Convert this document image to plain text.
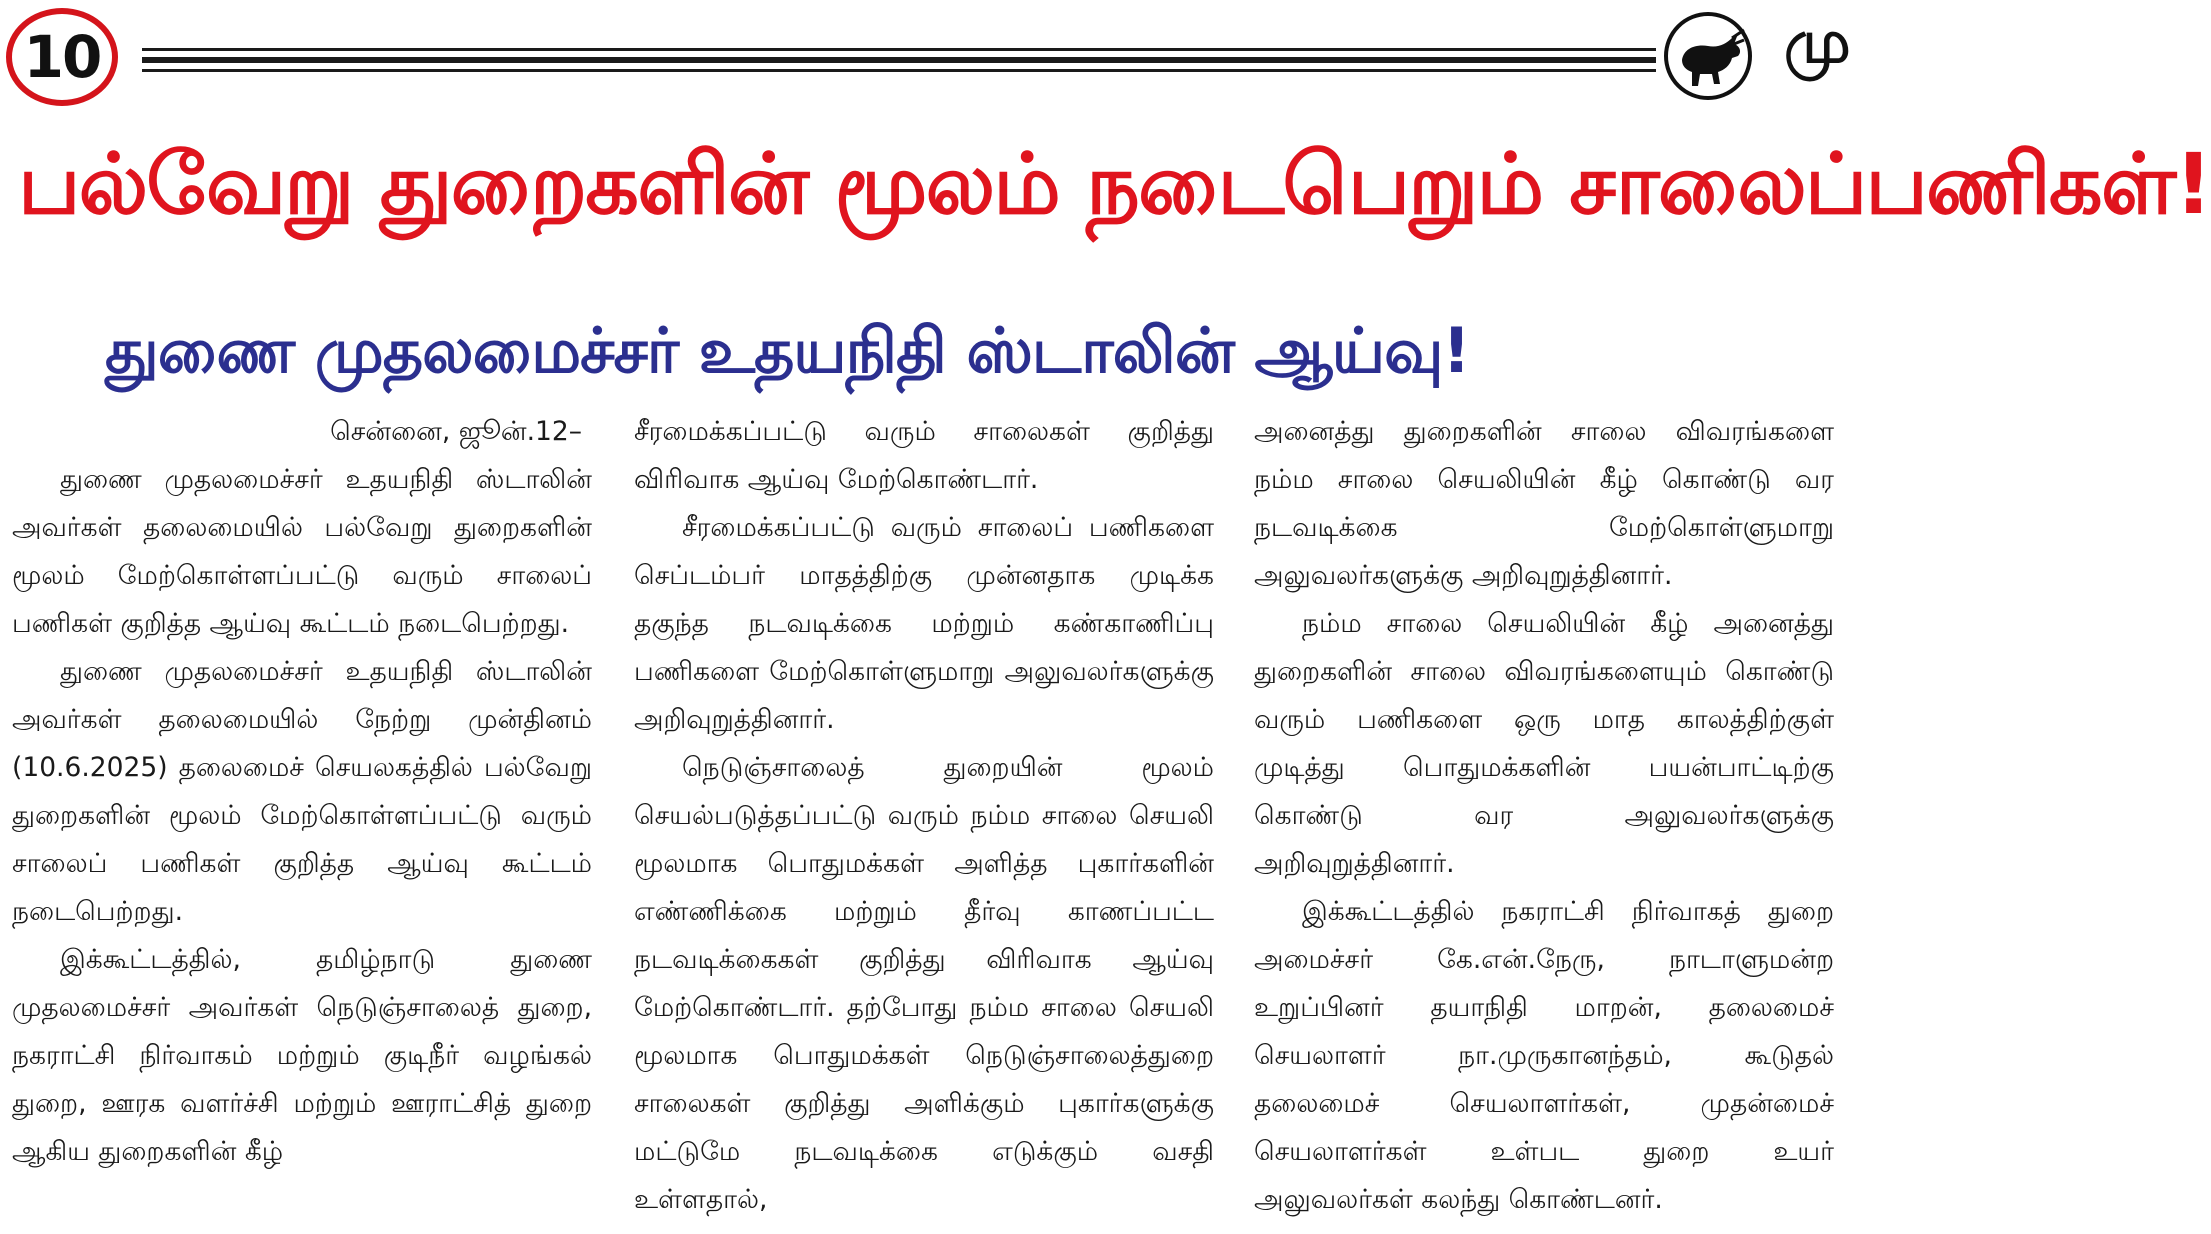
10	மு
பல்வேறு துறைகளின் மூலம் நடைபெறும் சாலைப்பணிகள்!
துணை முதலமைச்சர் உதயநிதி ஸ்டாலின் ஆய்வு!
சென்னை, ஜூன்.12–

துணை முதலமைச்சர் உதயநிதி ஸ்டாலின் அவர்கள் தலைமையில் பல்வேறு துறைகளின் மூலம் மேற்கொள்ளப்பட்டு வரும் சாலைப் பணிகள் குறித்த ஆய்வு கூட்டம் நடைபெற்றது.

துணை முதலமைச்சர் உதயநிதி ஸ்டாலின் அவர்கள் தலைமையில் நேற்று முன்தினம் (10.6.2025) தலைமைச் செயலகத்தில் பல்வேறு துறைகளின் மூலம் மேற்கொள்ளப்பட்டு வரும் சாலைப் பணிகள் குறித்த ஆய்வு கூட்டம் நடைபெற்றது.

இக்கூட்டத்தில், தமிழ்நாடு துணை முதலமைச்சர் அவர்கள் நெடுஞ்சாலைத் துறை, நகராட்சி நிர்வாகம் மற்றும் குடிநீர் வழங்கல் துறை, ஊரக வளர்ச்சி மற்றும் ஊராட்சித் துறை ஆகிய துறைகளின் கீழ்

சீரமைக்கப்பட்டு வரும் சாலைகள் குறித்து விரிவாக ஆய்வு மேற்கொண்டார்.

சீரமைக்கப்பட்டு வரும் சாலைப் பணிகளை செப்டம்பர் மாதத்திற்கு முன்னதாக முடிக்க தகுந்த நடவடிக்கை மற்றும் கண்காணிப்பு பணிகளை மேற்கொள்ளுமாறு அலுவலர்களுக்கு அறிவுறுத்தினார்.

நெடுஞ்சாலைத் துறையின் மூலம் செயல்படுத்தப்பட்டு வரும் நம்ம சாலை செயலி மூலமாக பொதுமக்கள் அளித்த புகார்களின் எண்ணிக்கை மற்றும் தீர்வு காணப்பட்ட நடவடிக்கைகள் குறித்து விரிவாக ஆய்வு மேற்கொண்டார். தற்போது நம்ம சாலை செயலி மூலமாக பொதுமக்கள் நெடுஞ்சாலைத்துறை சாலைகள் குறித்து அளிக்கும் புகார்களுக்கு மட்டுமே நடவடிக்கை எடுக்கும் வசதி உள்ளதால்,

அனைத்து துறைகளின் சாலை விவரங்களை நம்ம சாலை செயலியின் கீழ் கொண்டு வர நடவடிக்கை மேற்கொள்ளுமாறு அலுவலர்களுக்கு அறிவுறுத்தினார்.

நம்ம சாலை செயலியின் கீழ் அனைத்து துறைகளின் சாலை விவரங்களையும் கொண்டு வரும் பணிகளை ஒரு மாத காலத்திற்குள் முடித்து பொதுமக்களின் பயன்பாட்டிற்கு கொண்டு வர அலுவலர்களுக்கு அறிவுறுத்தினார்.

இக்கூட்டத்தில் நகராட்சி நிர்வாகத் துறை அமைச்சர் கே.என்.நேரு, நாடாளுமன்ற உறுப்பினர் தயாநிதி மாறன், தலைமைச் செயலாளர் நா.முருகானந்தம், கூடுதல் தலைமைச் செயலாளர்கள், முதன்மைச் செயலாளர்கள் உள்பட துறை உயர் அலுவலர்கள் கலந்து கொண்டனர்.
